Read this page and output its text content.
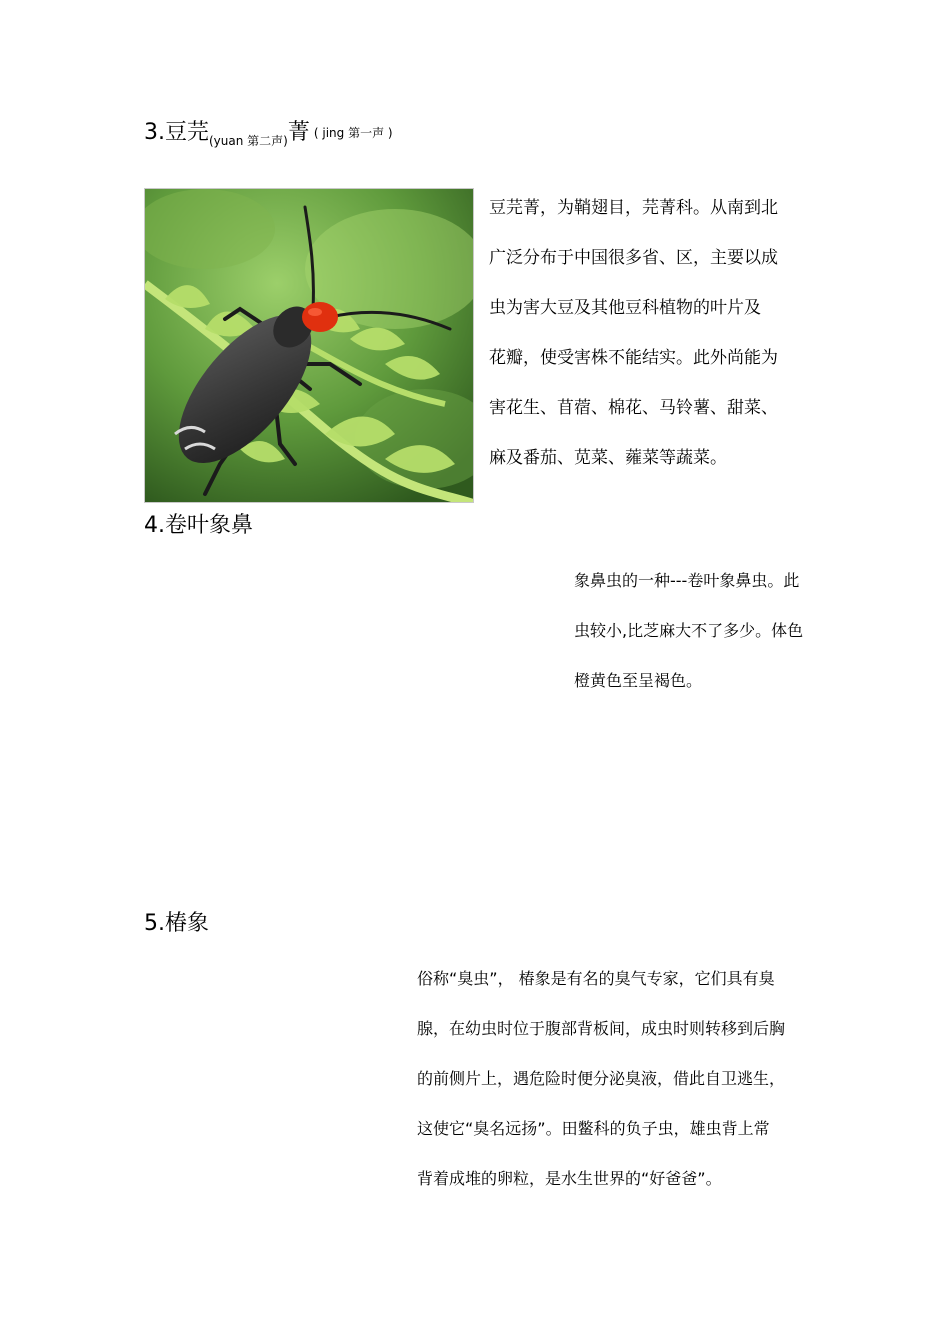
3.豆芫$_{(yuan 第二声)}$菁 ( jing 第一声 )
豆芫菁，为鞘翅目，芫菁科。从南到北
广泛分布于中国很多省、区，主要以成
虫为害大豆及其他豆科植物的叶片及
花瓣，使受害株不能结实。此外尚能为
害花生、苜蓿、棉花、马铃薯、甜菜、
麻及番茄、苋菜、蕹菜等蔬菜。
4.卷叶象鼻
象鼻虫的一种---卷叶象鼻虫。此
虫较小,比芝麻大不了多少。体色
橙黄色至呈褐色。
5.椿象
俗称“臭虫”， 椿象是有名的臭气专家，它们具有臭
腺，在幼虫时位于腹部背板间，成虫时则转移到后胸
的前侧片上，遇危险时便分泌臭液，借此自卫逃生，
这使它“臭名远扬”。田鳖科的负子虫，雄虫背上常
背着成堆的卵粒，是水生世界的“好爸爸”。
